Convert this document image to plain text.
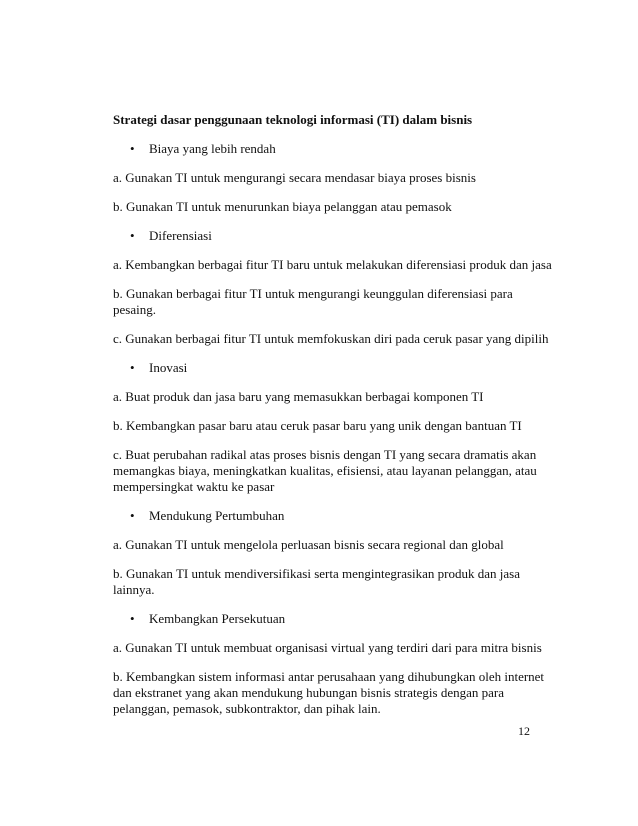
Strategi dasar penggunaan teknologi informasi (TI) dalam bisnis

•	Biaya yang lebih rendah

a. Gunakan TI untuk mengurangi secara mendasar biaya proses bisnis

b. Gunakan TI untuk menurunkan biaya pelanggan atau pemasok

•	Diferensiasi

a. Kembangkan berbagai fitur TI baru untuk melakukan diferensiasi produk dan jasa

b. Gunakan berbagai fitur TI untuk mengurangi keunggulan diferensiasi para pesaing.

c. Gunakan berbagai fitur TI untuk memfokuskan diri pada ceruk pasar yang dipilih

•	Inovasi

a. Buat produk dan jasa baru yang memasukkan berbagai komponen TI

b. Kembangkan pasar baru atau ceruk pasar baru yang unik dengan bantuan TI

c. Buat perubahan radikal atas proses bisnis dengan TI yang secara dramatis akan memangkas biaya, meningkatkan kualitas, efisiensi, atau layanan pelanggan, atau mempersingkat waktu ke pasar

•	Mendukung Pertumbuhan

a. Gunakan TI untuk mengelola perluasan bisnis secara regional dan global

b. Gunakan TI untuk mendiversifikasi serta mengintegrasikan produk dan jasa lainnya.

•	Kembangkan Persekutuan

a. Gunakan TI untuk membuat organisasi virtual yang terdiri dari para mitra bisnis

b. Kembangkan sistem informasi antar perusahaan yang dihubungkan oleh internet dan ekstranet yang akan mendukung hubungan bisnis strategis dengan para pelanggan, pemasok, subkontraktor, dan pihak lain.

12
